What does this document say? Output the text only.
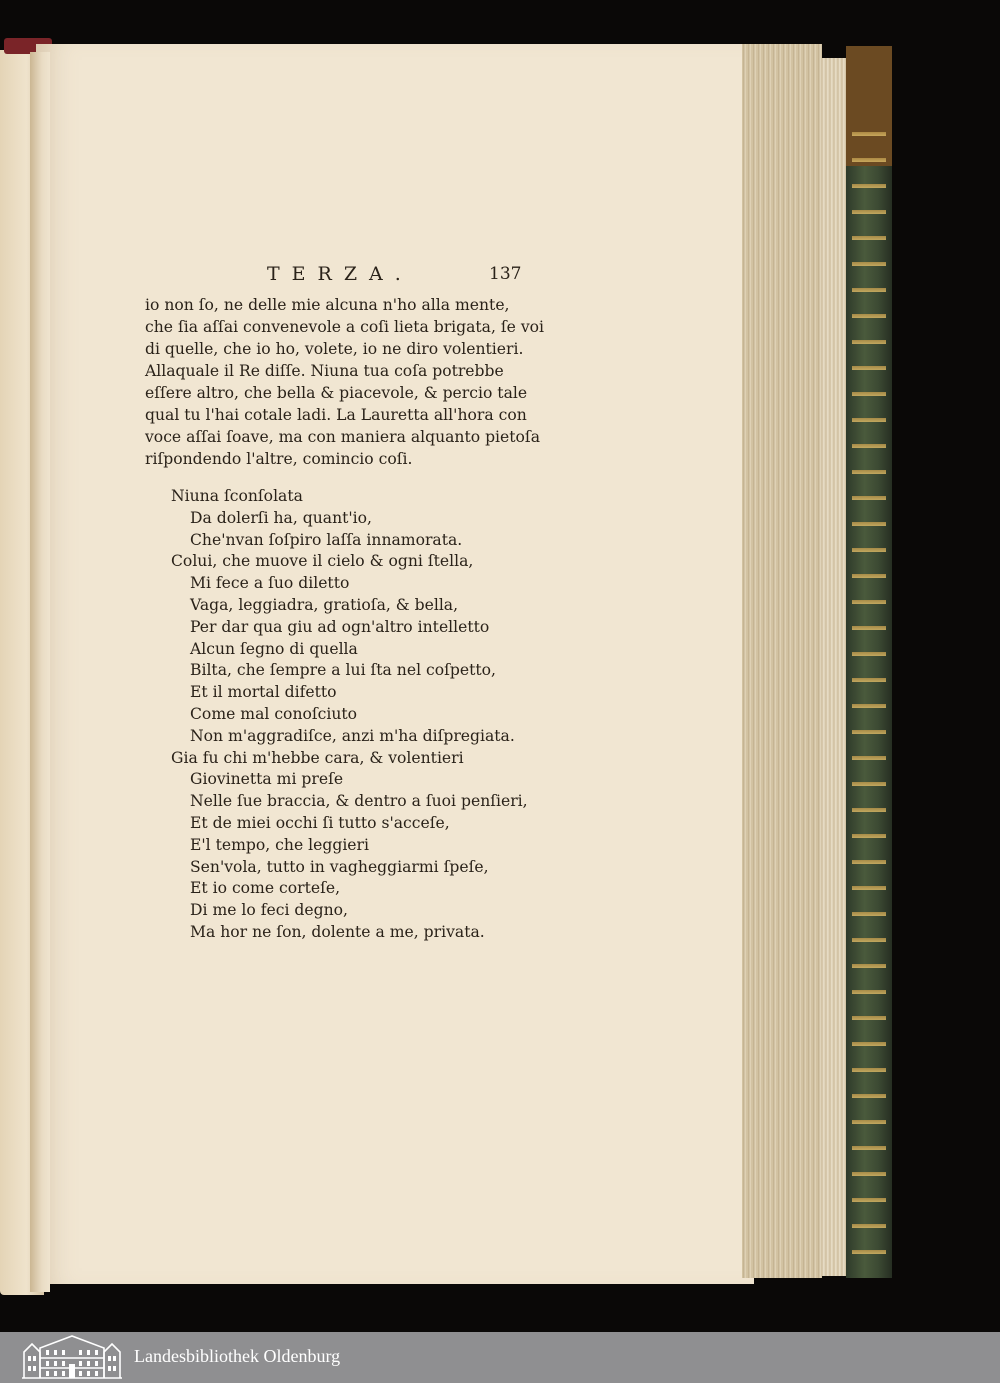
TERZA.	137
io non ſo, ne delle mie alcuna n'ho alla mente,
che ſia aſſai convenevole a coſi lieta brigata, ſe voi
di quelle, che io ho, volete, io ne diro volentieri.
Allaquale il Re diſſe. Niuna tua coſa potrebbe
eſſere altro, che bella & piacevole, & percio tale
qual tu l'hai cotale ladi. La Lauretta all'hora con
voce aſſai ſoave, ma con maniera alquanto pietoſa
riſpondendo l'altre, comincio coſi.
Niuna ſconſolata
Da dolerſi ha, quant'io,
Che'nvan ſoſpiro laſſa innamorata.
Colui, che muove il cielo & ogni ſtella,
Mi fece a ſuo diletto
Vaga, leggiadra, gratioſa, & bella,
Per dar qua giu ad ogn'altro intelletto
Alcun ſegno di quella
Bilta, che ſempre a lui ſta nel coſpetto,
Et il mortal difetto
Come mal conoſciuto
Non m'aggradiſce, anzi m'ha diſpregiata.
Gia fu chi m'hebbe cara, & volentieri
Giovinetta mi preſe
Nelle ſue braccia, & dentro a ſuoi penſieri,
Et de miei occhi ſi tutto s'acceſe,
E'l tempo, che leggieri
Sen'vola, tutto in vagheggiarmi ſpeſe,
Et io come corteſe,
Di me lo feci degno,
Ma hor ne ſon, dolente a me, privata.
Landesbibliothek Oldenburg
